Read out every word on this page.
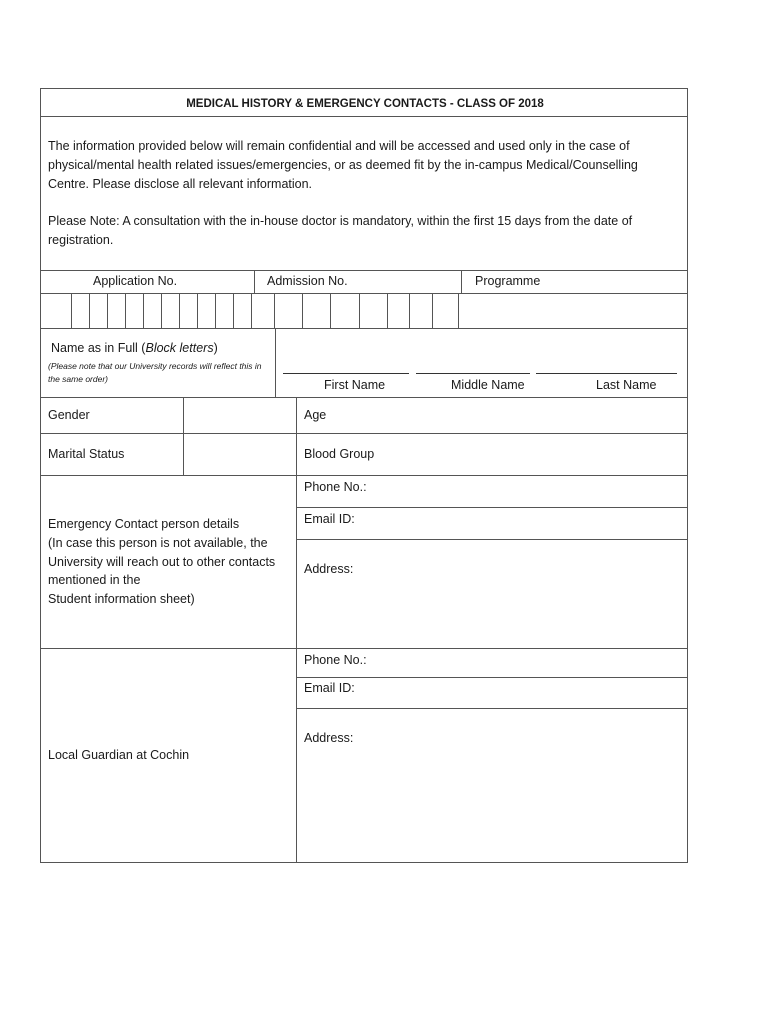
MEDICAL HISTORY & EMERGENCY CONTACTS - CLASS OF 2018
The information provided below will remain confidential and will be accessed and used only in the case of physical/mental health related issues/emergencies, or as deemed fit by the in-campus Medical/Counselling Centre. Please disclose all relevant information.
Please Note: A consultation with the in-house doctor is mandatory, within the first 15 days from the date of registration.
Application No.	Admission No.	Programme
Name as in Full (Block letters)
(Please note that our University records will reflect this in the same order)	First Name	Middle Name	Last Name
Gender	Age
Marital Status	Blood Group
Emergency Contact person details
(In case this person is not available, the
University will reach out to other contacts
mentioned in the
Student information sheet)
Phone No.:
Email ID:
Address:
Local Guardian at Cochin
Phone No.:
Email ID:
Address:
